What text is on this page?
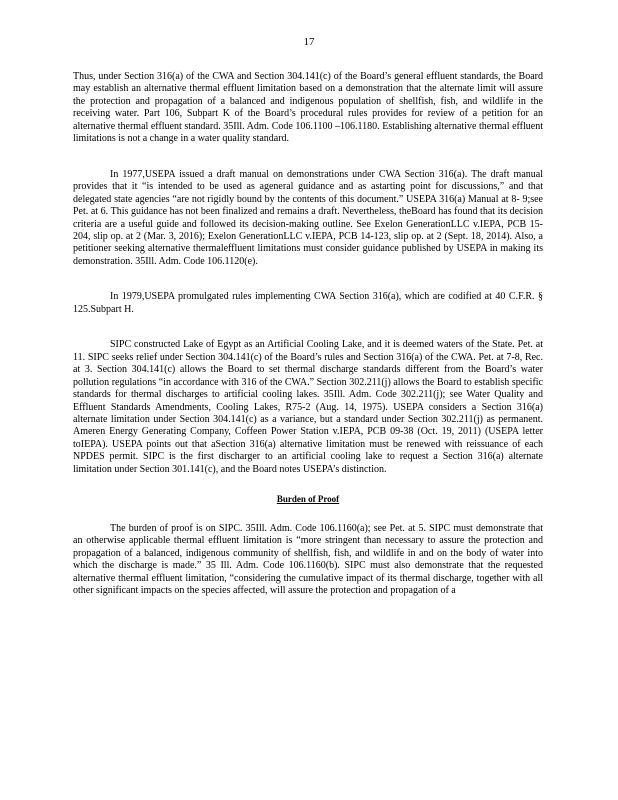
17

Thus, under Section 316(a) of the CWA and Section 304.141(c) of the Board’s general effluent standards, the Board may establish an alternative thermal effluent limitation based on a demonstration that the alternate limit will assure the protection and propagation of a balanced and indigenous population of shellfish, fish, and wildlife in the receiving water. Part 106, Subpart K of the Board’s procedural rules provides for review of a petition for an alternative thermal effluent standard. 35Ill. Adm. Code 106.1100 –106.1180. Establishing alternative thermal effluent limitations is not a change in a water quality standard.

In 1977,USEPA issued a draft manual on demonstrations under CWA Section 316(a). The draft manual provides that it “is intended to be used as ageneral guidance and as astarting point for discussions,” and that delegated state agencies “are not rigidly bound by the contents of this document.” USEPA 316(a) Manual at 8- 9;see Pet. at 6. This guidance has not been finalized and remains a draft. Nevertheless, theBoard has found that its decision criteria are a useful guide and followed its decision-making outline. See Exelon GenerationLLC v.IEPA, PCB 15-204, slip op. at 2 (Mar. 3, 2016); Exelon GenerationLLC v.IEPA, PCB 14-123, slip op. at 2 (Sept. 18, 2014). Also, a petitioner seeking alternative thermaleffluent limitations must consider guidance published by USEPA in making its demonstration. 35Ill. Adm. Code 106.1120(e).

In 1979,USEPA promulgated rules implementing CWA Section 316(a), which are codified at 40 C.F.R. § 125.Subpart H.

SIPC constructed Lake of Egypt as an Artificial Cooling Lake, and it is deemed waters of the State. Pet. at 11. SIPC seeks relief under Section 304.141(c) of the Board’s rules and Section 316(a) of the CWA. Pet. at 7-8, Rec. at 3. Section 304.141(c) allows the Board to set thermal discharge standards different from the Board’s water pollution regulations “in accordance with 316 of the CWA.” Section 302.211(j) allows the Board to establish specific standards for thermal discharges to artificial cooling lakes. 35Ill. Adm. Code 302.211(j); see Water Quality and Effluent Standards Amendments, Cooling Lakes, R75-2 (Aug. 14, 1975). USEPA considers a Section 316(a) alternate limitation under Section 304.141(c) as a variance, but a standard under Section 302.211(j) as permanent. Ameren Energy Generating Company, Coffeen Power Station v.IEPA, PCB 09-38 (Oct. 19, 2011) (USEPA letter toIEPA). USEPA points out that aSection 316(a) alternative limitation must be renewed with reissuance of each NPDES permit. SIPC is the first discharger to an artificial cooling lake to request a Section 316(a) alternate limitation under Section 301.141(c), and the Board notes USEPA’s distinction.

Burden of Proof

The burden of proof is on SIPC. 35Ill. Adm. Code 106.1160(a); see Pet. at 5. SIPC must demonstrate that an otherwise applicable thermal effluent limitation is “more stringent than necessary to assure the protection and propagation of a balanced, indigenous community of shellfish, fish, and wildlife in and on the body of water into which the discharge is made.” 35 Ill. Adm. Code 106.1160(b). SIPC must also demonstrate that the requested alternative thermal effluent limitation, “considering the cumulative impact of its thermal discharge, together with all other significant impacts on the species affected, will assure the protection and propagation of a
